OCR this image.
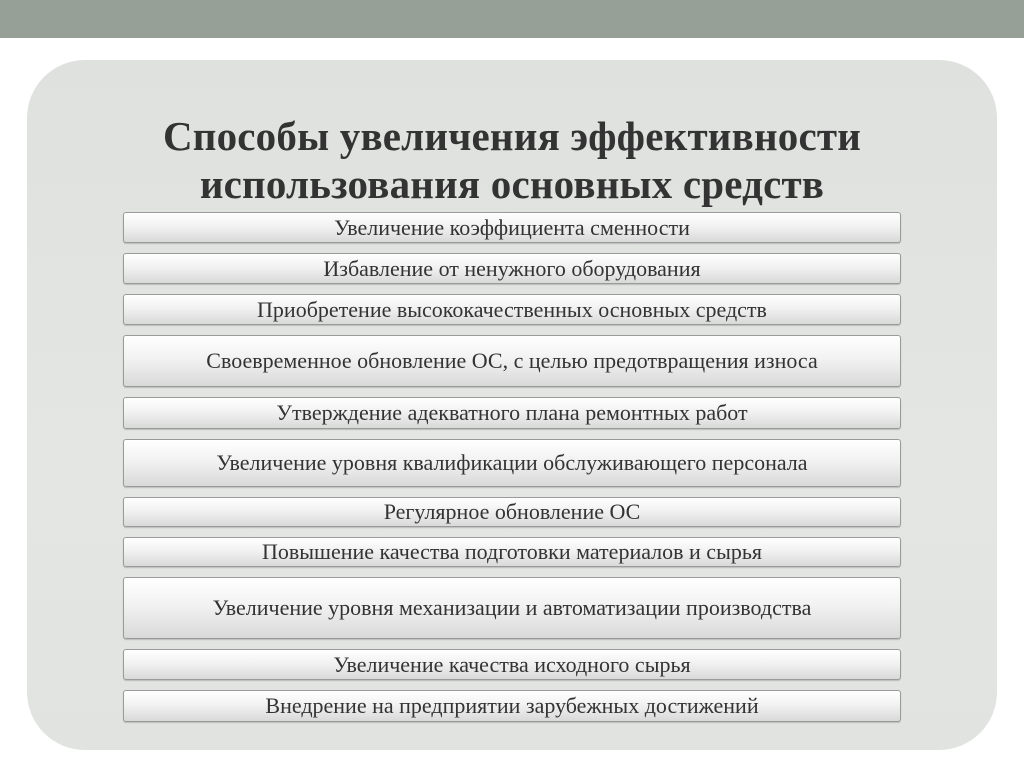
Способы увеличения эффективности
использования основных средств
Увеличение коэффициента сменности
Избавление от ненужного оборудования
Приобретение высококачественных основных средств
Своевременное обновление ОС, с целью предотвращения износа
Утверждение адекватного плана ремонтных работ
Увеличение уровня квалификации обслуживающего персонала
Регулярное обновление ОС
Повышение качества подготовки материалов и сырья
Увеличение уровня механизации и автоматизации производства
Увеличение качества исходного сырья
Внедрение на предприятии зарубежных достижений
